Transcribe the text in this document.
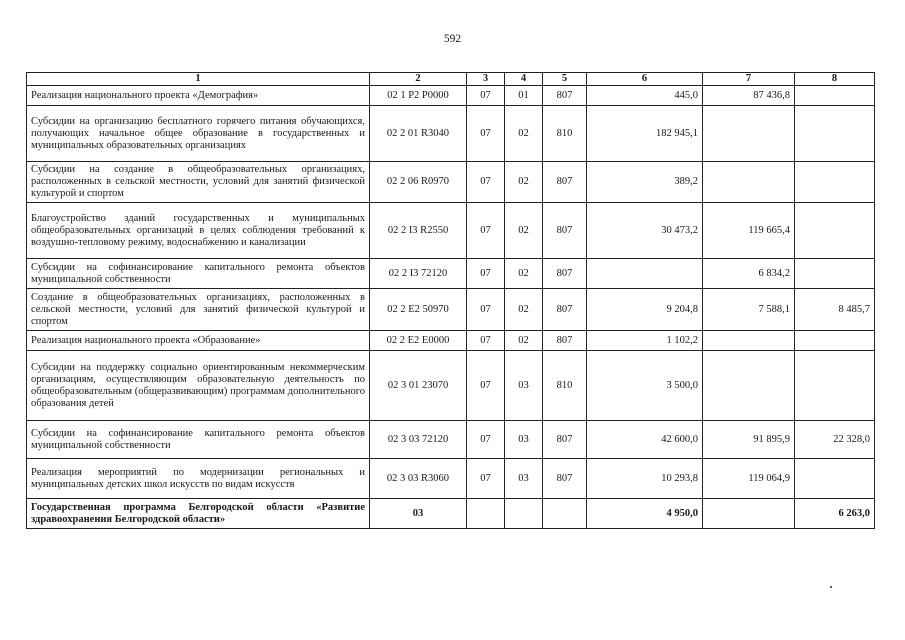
592
1	2	3	4	5	6	7	8
Реализация национального проекта «Демография»	02 1 P2 P0000	07	01	807	445,0	87 436,8	
Субсидии на организацию бесплатного горячего питания обучающихся, получающих начальное общее образование в государственных и муниципальных образовательных организациях	02 2 01 R3040	07	02	810	182 945,1		
Субсидии на создание в общеобразовательных организациях, расположенных в сельской местности, условий для занятий физической культурой и спортом	02 2 06 R0970	07	02	807	389,2		
Благоустройство зданий государственных и муниципальных общеобразовательных организаций в целях соблюдения требований к воздушно-тепловому режиму, водоснабжению и канализации	02 2 I3 R2550	07	02	807	30 473,2	119 665,4	
Субсидии на софинансирование капитального ремонта объектов муниципальной собственности	02 2 I3 72120	07	02	807		6 834,2	
Создание в общеобразовательных организациях, расположенных в сельской местности, условий для занятий физической культурой и спортом	02 2 E2 50970	07	02	807	9 204,8	7 588,1	8 485,7
Реализация национального проекта «Образование»	02 2 E2 E0000	07	02	807	1 102,2		
Субсидии на поддержку социально ориентированным некоммерческим организациям, осуществляющим образовательную деятельность по общеобразовательным (общеразвивающим) программам дополнительного образования детей	02 3 01 23070	07	03	810	3 500,0		
Субсидии на софинансирование капитального ремонта объектов муниципальной собственности	02 3 03 72120	07	03	807	42 600,0	91 895,9	22 328,0
Реализация мероприятий по модернизации региональных и муниципальных детских школ искусств по видам искусств	02 3 03 R3060	07	03	807	10 293,8	119 064,9	
Государственная программа Белгородской области «Развитие здравоохранения Белгородской области»	03				4 950,0		6 263,0
